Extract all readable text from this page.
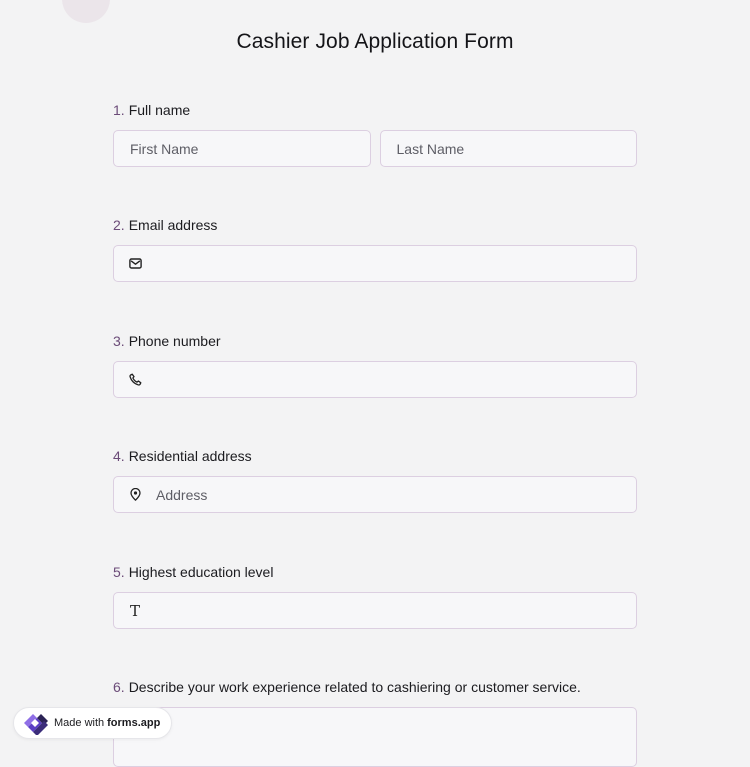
Cashier Job Application Form
1. Full name
First Name
Last Name
2. Email address
3. Phone number
4. Residential address
Address
5. Highest education level
T
6. Describe your work experience related to cashiering or customer service.
Made with forms.app
